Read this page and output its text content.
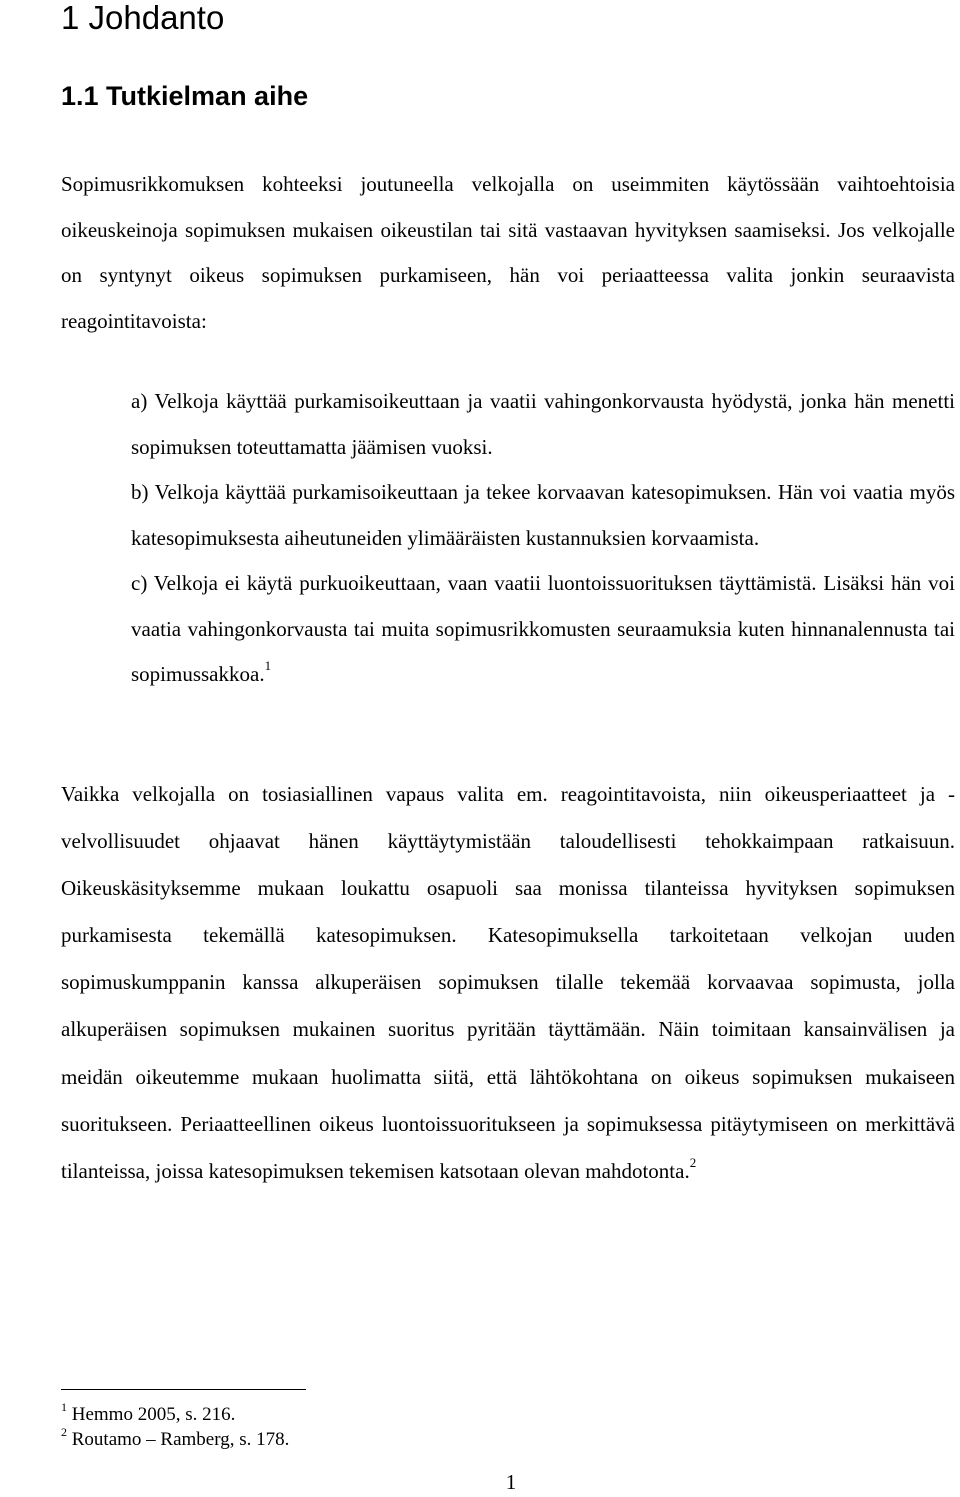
1 Johdanto
1.1 Tutkielman aihe

Sopimusrikkomuksen kohteeksi joutuneella velkojalla on useimmiten käytössään vaihtoehtoisia oikeuskeinoja sopimuksen mukaisen oikeustilan tai sitä vastaavan hyvityksen saamiseksi. Jos velkojalle on syntynyt oikeus sopimuksen purkamiseen, hän voi periaatteessa valita jonkin seuraavista reagointitavoista:

a) Velkoja käyttää purkamisoikeuttaan ja vaatii vahingonkorvausta hyödystä, jonka hän menetti sopimuksen toteuttamatta jäämisen vuoksi.
b) Velkoja käyttää purkamisoikeuttaan ja tekee korvaavan katesopimuksen. Hän voi vaatia myös katesopimuksesta aiheutuneiden ylimääräisten kustannuksien korvaamista.
c) Velkoja ei käytä purkuoikeuttaan, vaan vaatii luontoissuorituksen täyttämistä. Lisäksi hän voi vaatia vahingonkorvausta tai muita sopimusrikkomusten seuraamuksia kuten hinnanalennusta tai sopimussakkoa.$^1$

Vaikka velkojalla on tosiasiallinen vapaus valita em. reagointitavoista, niin oikeusperiaatteet ja -velvollisuudet ohjaavat hänen käyttäytymistään taloudellisesti tehokkaimpaan ratkaisuun. Oikeuskäsityksemme mukaan loukattu osapuoli saa monissa tilanteissa hyvityksen sopimuksen purkamisesta tekemällä katesopimuksen. Katesopimuksella tarkoitetaan velkojan uuden sopimuskumppanin kanssa alkuperäisen sopimuksen tilalle tekemää korvaavaa sopimusta, jolla alkuperäisen sopimuksen mukainen suoritus pyritään täyttämään. Näin toimitaan kansainvälisen ja meidän oikeutemme mukaan huolimatta siitä, että lähtökohtana on oikeus sopimuksen mukaiseen suoritukseen. Periaatteellinen oikeus luontoissuoritukseen ja sopimuksessa pitäytymiseen on merkittävä tilanteissa, joissa katesopimuksen tekemisen katsotaan olevan mahdotonta.$^2$

$^1$ Hemmo 2005, s. 216.
$^2$ Routamo – Ramberg, s. 178.
1
